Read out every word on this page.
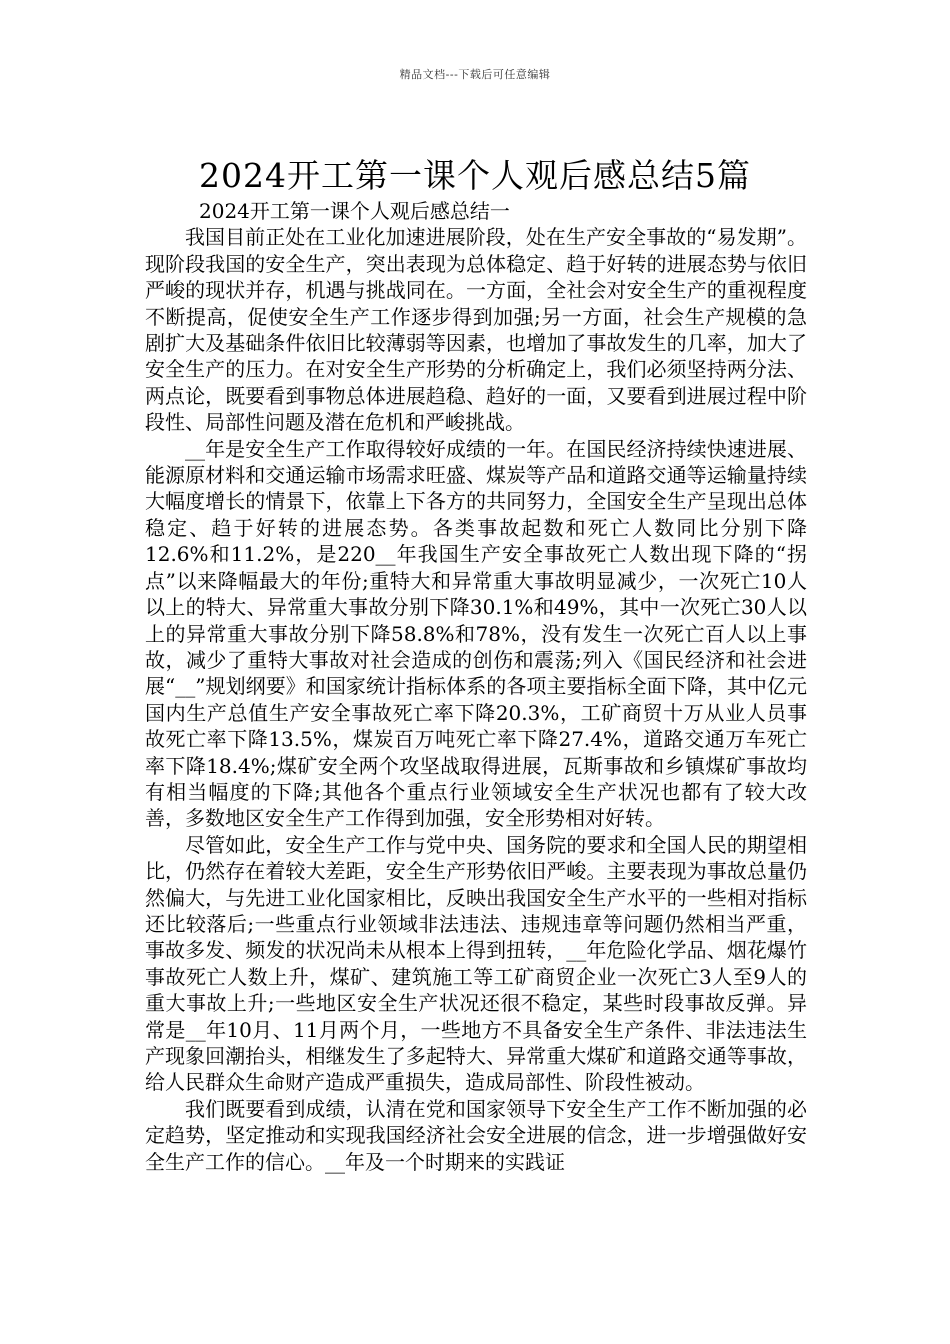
精品文档---下载后可任意编辑
2024开工第一课个人观后感总结5篇

2024开工第一课个人观后感总结一

我国目前正处在工业化加速进展阶段，处在生产安全事故的“易发期”。现阶段我国的安全生产，突出表现为总体稳定、趋于好转的进展态势与依旧严峻的现状并存，机遇与挑战同在。一方面，全社会对安全生产的重视程度不断提高，促使安全生产工作逐步得到加强;另一方面，社会生产规模的急剧扩大及基础条件依旧比较薄弱等因素，也增加了事故发生的几率，加大了安全生产的压力。在对安全生产形势的分析确定上，我们必须坚持两分法、两点论，既要看到事物总体进展趋稳、趋好的一面，又要看到进展过程中阶段性、局部性问题及潜在危机和严峻挑战。

__年是安全生产工作取得较好成绩的一年。在国民经济持续快速进展、能源原材料和交通运输市场需求旺盛、煤炭等产品和道路交通等运输量持续大幅度增长的情景下，依靠上下各方的共同努力，全国安全生产呈现出总体稳定、趋于好转的进展态势。各类事故起数和死亡人数同比分别下降12.6%和11.2%，是220__年我国生产安全事故死亡人数出现下降的“拐点”以来降幅最大的年份;重特大和异常重大事故明显减少，一次死亡10人以上的特大、异常重大事故分别下降30.1%和49%，其中一次死亡30人以上的异常重大事故分别下降58.8%和78%，没有发生一次死亡百人以上事故，减少了重特大事故对社会造成的创伤和震荡;列入《国民经济和社会进展“__”规划纲要》和国家统计指标体系的各项主要指标全面下降，其中亿元国内生产总值生产安全事故死亡率下降20.3%，工矿商贸十万从业人员事故死亡率下降13.5%，煤炭百万吨死亡率下降27.4%，道路交通万车死亡率下降18.4%;煤矿安全两个攻坚战取得进展，瓦斯事故和乡镇煤矿事故均有相当幅度的下降;其他各个重点行业领域安全生产状况也都有了较大改善，多数地区安全生产工作得到加强，安全形势相对好转。

尽管如此，安全生产工作与党中央、国务院的要求和全国人民的期望相比，仍然存在着较大差距，安全生产形势依旧严峻。主要表现为事故总量仍然偏大，与先进工业化国家相比，反映出我国安全生产水平的一些相对指标还比较落后;一些重点行业领域非法违法、违规违章等问题仍然相当严重，事故多发、频发的状况尚未从根本上得到扭转，__年危险化学品、烟花爆竹事故死亡人数上升，煤矿、建筑施工等工矿商贸企业一次死亡3人至9人的重大事故上升;一些地区安全生产状况还很不稳定，某些时段事故反弹。异常是__年10月、11月两个月，一些地方不具备安全生产条件、非法违法生产现象回潮抬头，相继发生了多起特大、异常重大煤矿和道路交通等事故，给人民群众生命财产造成严重损失，造成局部性、阶段性被动。

我们既要看到成绩，认清在党和国家领导下安全生产工作不断加强的必定趋势，坚定推动和实现我国经济社会安全进展的信念，进一步增强做好安全生产工作的信心。__年及一个时期来的实践证
